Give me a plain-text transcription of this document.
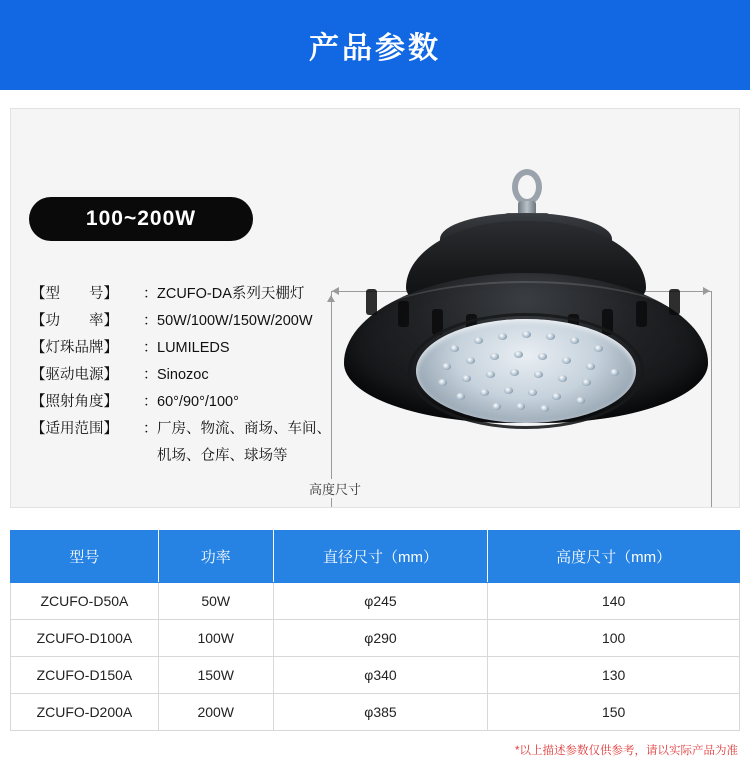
产品参数
100~200W
【型　　号】	： ZCUFO-DA系列天棚灯
【功　　率】	： 50W/100W/150W/200W
【灯珠品牌】	： LUMILEDS
【驱动电源】	： Sinozoc
【照射角度】	： 60°/90°/100°
【适用范围】	： 厂房、物流、商场、车间、
机场、仓库、球场等
高度尺寸
型号	功率	直径尺寸（mm）	高度尺寸（mm）
ZCUFO-D50A	50W	φ245	140
ZCUFO-D100A	100W	φ290	100
ZCUFO-D150A	150W	φ340	130
ZCUFO-D200A	200W	φ385	150
*以上描述参数仅供参考，请以实际产品为准
